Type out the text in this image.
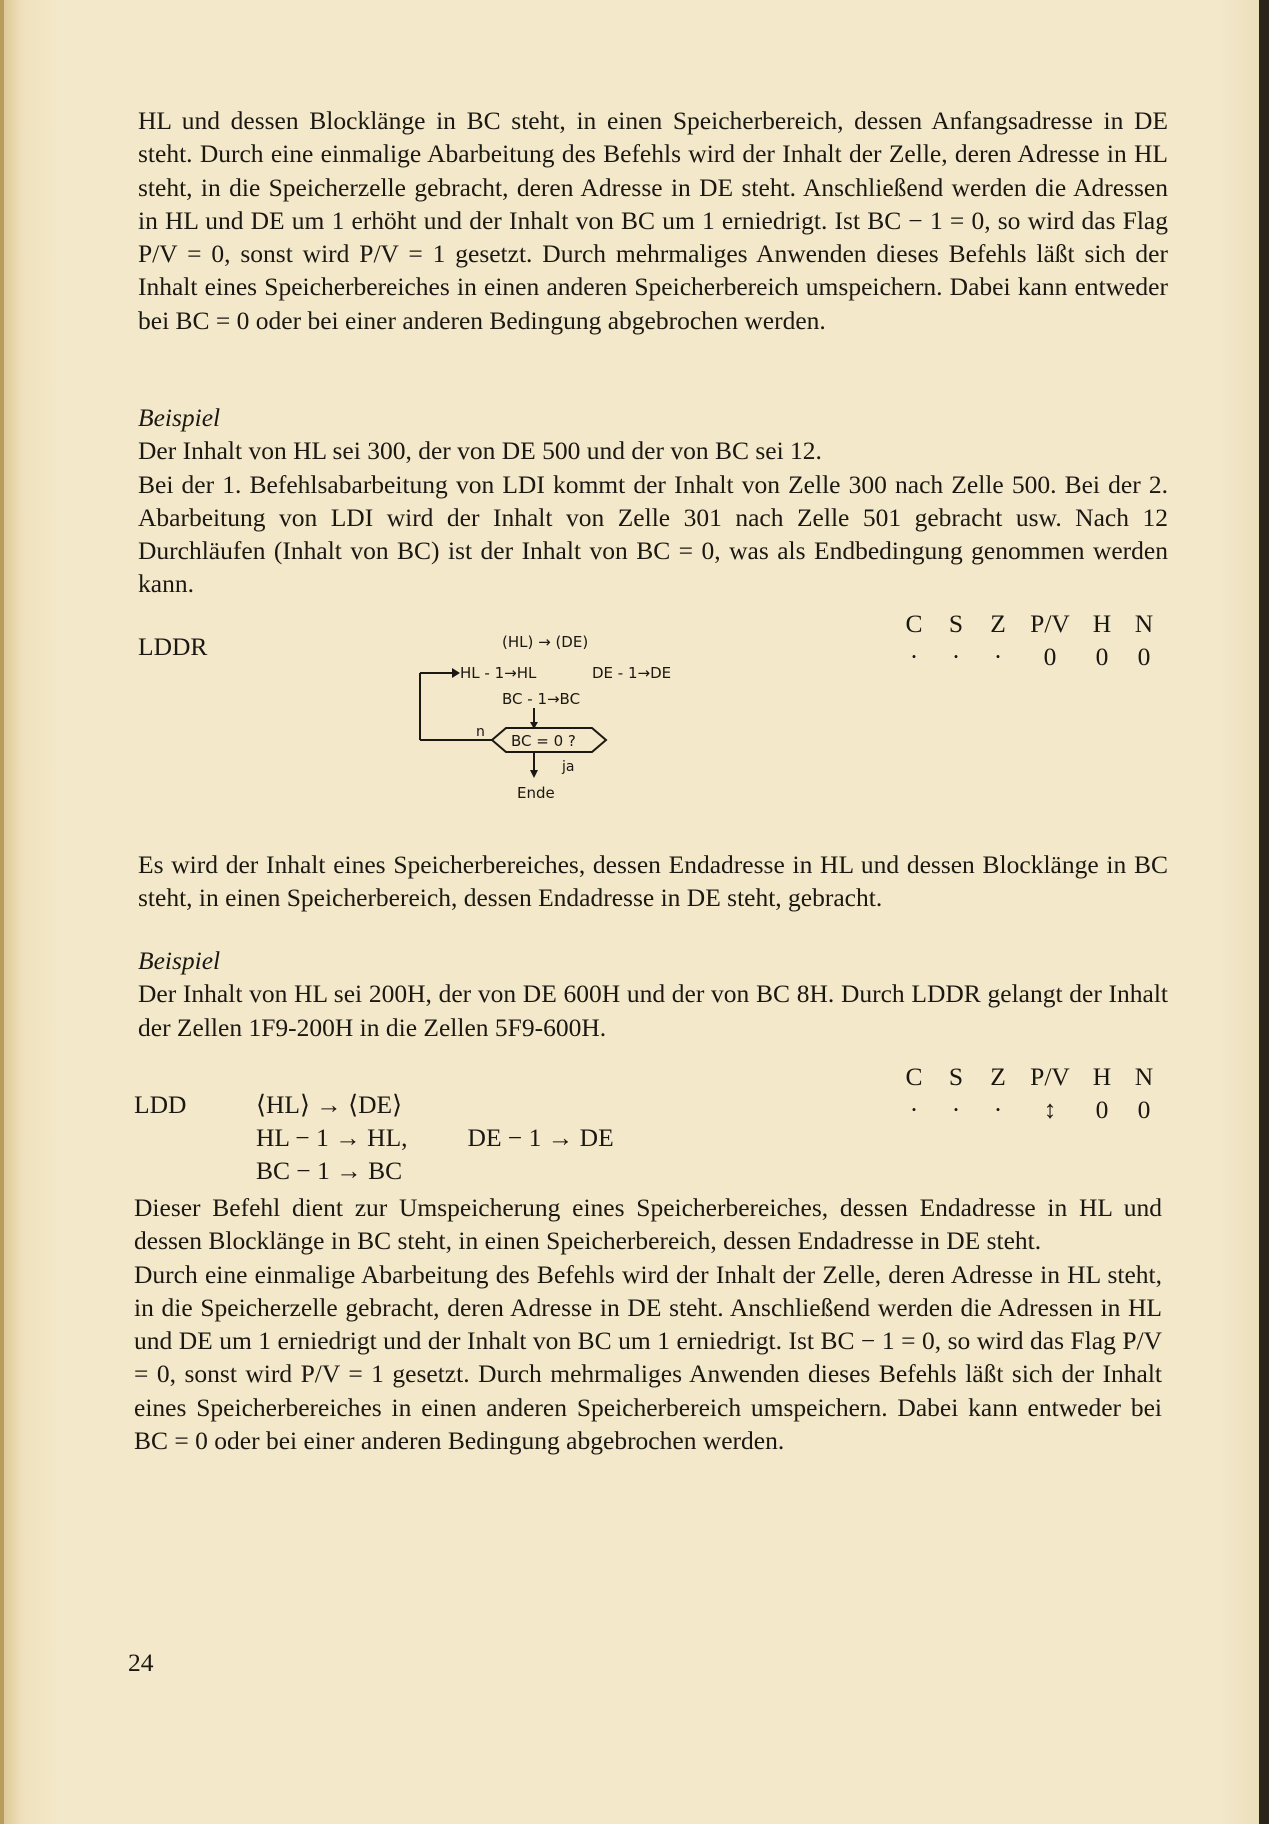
HL und dessen Blocklänge in BC steht, in einen Speicherbereich, dessen Anfangsadresse in DE steht. Durch eine einmalige Abarbeitung des Befehls wird der Inhalt der Zelle, deren Adresse in HL steht, in die Speicherzelle gebracht, deren Adresse in DE steht. Anschließend werden die Adressen in HL und DE um 1 erhöht und der Inhalt von BC um 1 erniedrigt. Ist BC − 1 = 0, so wird das Flag P/V = 0, sonst wird P/V = 1 gesetzt. Durch mehrmaliges Anwenden dieses Befehls läßt sich der Inhalt eines Speicherbereiches in einen anderen Speicherbereich umspeichern. Dabei kann entweder bei BC = 0 oder bei einer anderen Bedingung abgebrochen werden.

Beispiel

Der Inhalt von HL sei 300, der von DE 500 und der von BC sei 12.

Bei der 1. Befehlsabarbeitung von LDI kommt der Inhalt von Zelle 300 nach Zelle 500. Bei der 2. Abarbeitung von LDI wird der Inhalt von Zelle 301 nach Zelle 501 gebracht usw. Nach 12 Durchläufen (Inhalt von BC) ist der Inhalt von BC = 0, was als Endbedingung genommen werden kann.

LDDR	(HL) → (DE)
HL - 1→HL	DE - 1→DE
BC - 1→BC
BC = 0 ?
n
ja
Ende
C	S	Z	P/V	H	N
·	·	·	0	0	0

Es wird der Inhalt eines Speicherbereiches, dessen Endadresse in HL und dessen Blocklänge in BC steht, in einen Speicherbereich, dessen Endadresse in DE steht, gebracht.

Beispiel

Der Inhalt von HL sei 200H, der von DE 600H und der von BC 8H. Durch LDDR gelangt der Inhalt der Zellen 1F9-200H in die Zellen 5F9-600H.

C	S	Z	P/V	H	N
·	·	·	↕	0	0
LDD	⟨HL⟩ → ⟨DE⟩
HL − 1 → HL, DE − 1 → DE
BC − 1 → BC

Dieser Befehl dient zur Umspeicherung eines Speicherbereiches, dessen Endadresse in HL und dessen Blocklänge in BC steht, in einen Speicherbereich, dessen Endadresse in DE steht.

Durch eine einmalige Abarbeitung des Befehls wird der Inhalt der Zelle, deren Adresse in HL steht, in die Speicherzelle gebracht, deren Adresse in DE steht. Anschließend werden die Adressen in HL und DE um 1 erniedrigt und der Inhalt von BC um 1 erniedrigt. Ist BC − 1 = 0, so wird das Flag P/V = 0, sonst wird P/V = 1 gesetzt. Durch mehrmaliges Anwenden dieses Befehls läßt sich der Inhalt eines Speicherbereiches in einen anderen Speicherbereich umspeichern. Dabei kann entweder bei BC = 0 oder bei einer anderen Bedingung abgebrochen werden.

24
